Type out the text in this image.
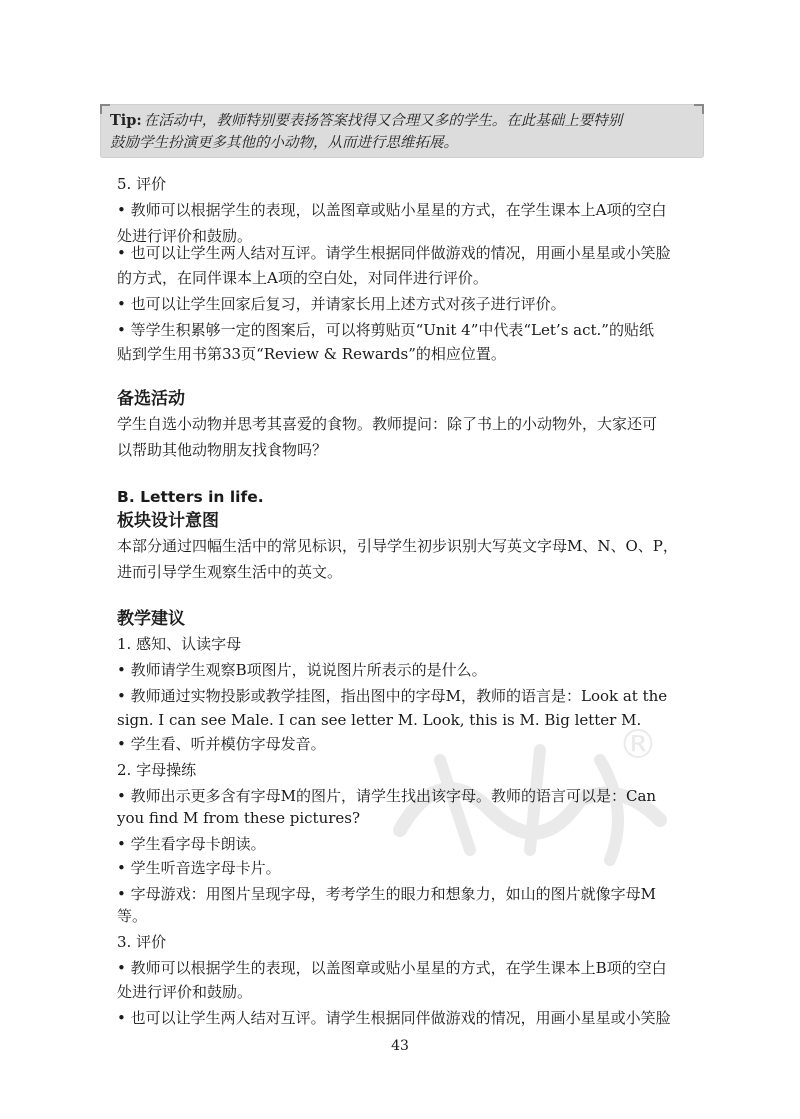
Tip: 在活动中，教师特别要表扬答案找得又合理又多的学生。在此基础上要特别
鼓励学生扮演更多其他的小动物，从而进行思维拓展。

5. 评价

• 教师可以根据学生的表现，以盖图章或贴小星星的方式，在学生课本上A项的空白

处进行评价和鼓励。

• 也可以让学生两人结对互评。请学生根据同伴做游戏的情况，用画小星星或小笑脸

的方式，在同伴课本上A项的空白处，对同伴进行评价。

• 也可以让学生回家后复习，并请家长用上述方式对孩子进行评价。

• 等学生积累够一定的图案后，可以将剪贴页“Unit 4”中代表“Let’s act.”的贴纸

贴到学生用书第33页“Review & Rewards”的相应位置。

备选活动

学生自选小动物并思考其喜爱的食物。教师提问：除了书上的小动物外，大家还可

以帮助其他动物朋友找食物吗？

B. Letters in life.

板块设计意图

本部分通过四幅生活中的常见标识，引导学生初步识别大写英文字母M、N、O、P，

进而引导学生观察生活中的英文。

教学建议

1. 感知、认读字母

• 教师请学生观察B项图片，说说图片所表示的是什么。

• 教师通过实物投影或教学挂图，指出图中的字母M，教师的语言是：Look at the

sign. I can see Male. I can see letter M. Look, this is M. Big letter M.

• 学生看、听并模仿字母发音。

2. 字母操练

• 教师出示更多含有字母M的图片，请学生找出该字母。教师的语言可以是：Can

you find M from these pictures?

• 学生看字母卡朗读。

• 学生听音选字母卡片。

• 字母游戏：用图片呈现字母，考考学生的眼力和想象力，如山的图片就像字母M

等。

3. 评价

• 教师可以根据学生的表现，以盖图章或贴小星星的方式，在学生课本上B项的空白

处进行评价和鼓励。

• 也可以让学生两人结对互评。请学生根据同伴做游戏的情况，用画小星星或小笑脸

®
43
